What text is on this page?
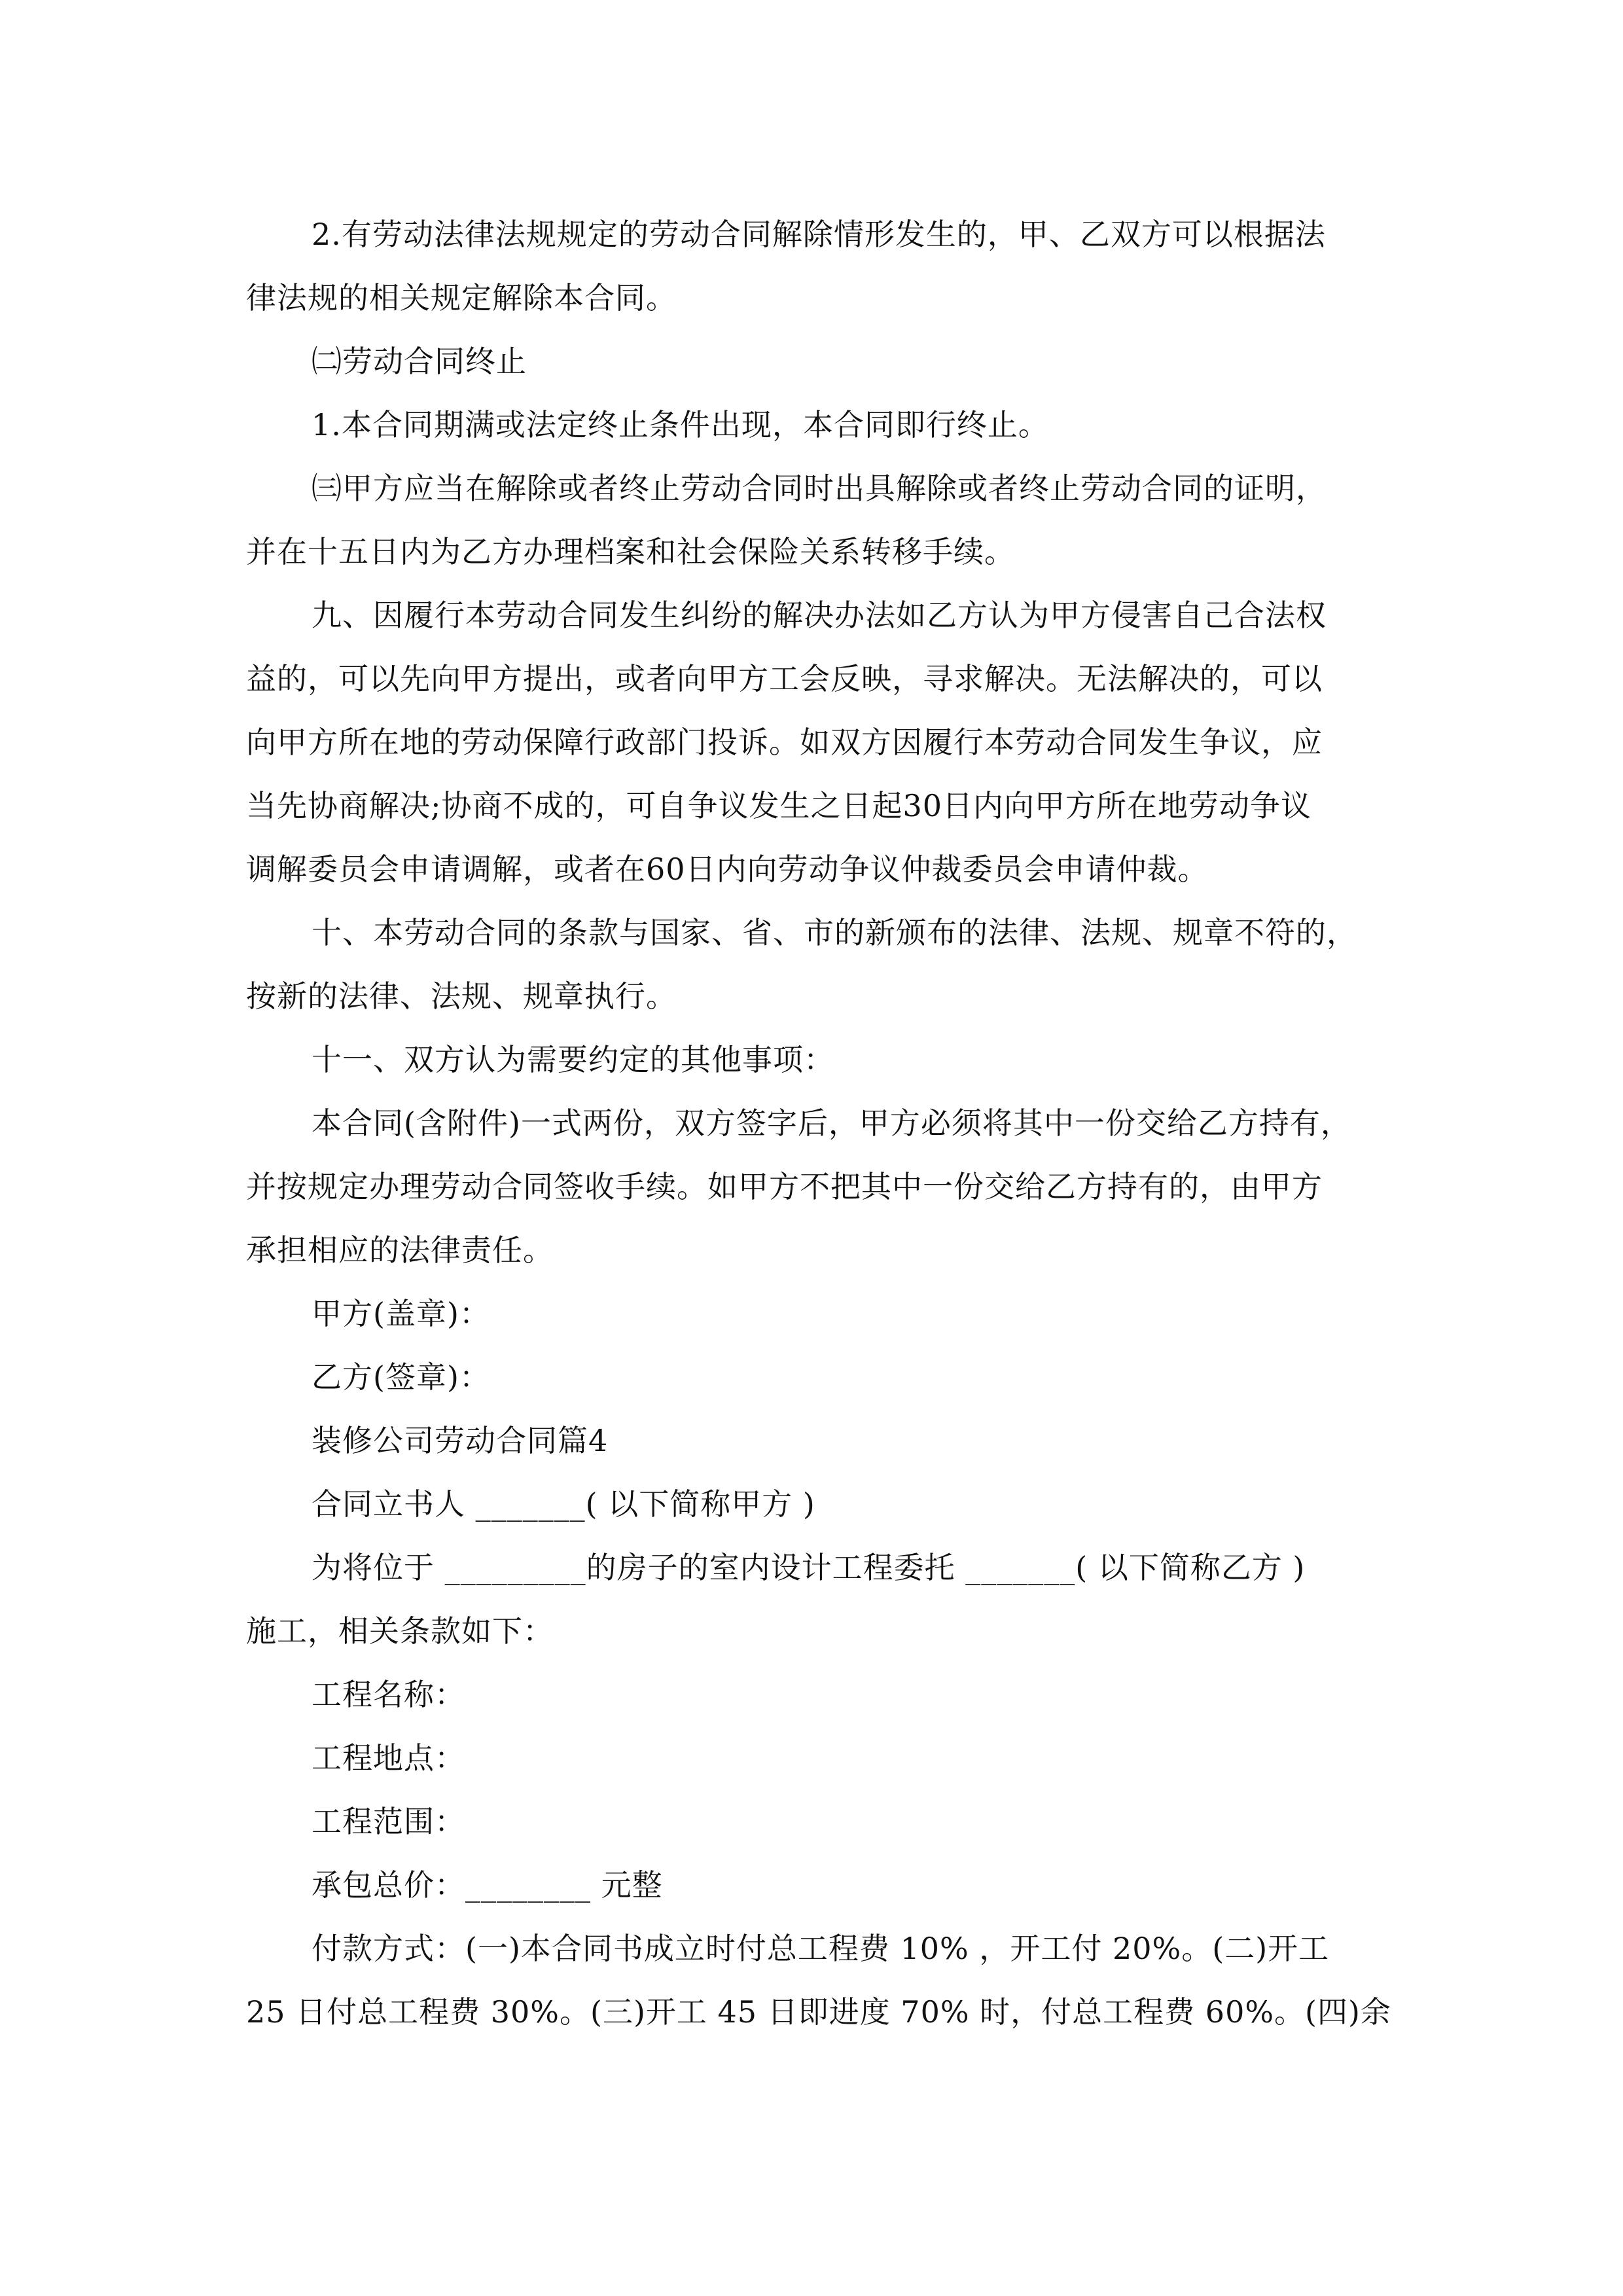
2.有劳动法律法规规定的劳动合同解除情形发生的，甲、乙双方可以根据法
律法规的相关规定解除本合同。
㈡劳动合同终止
1.本合同期满或法定终止条件出现，本合同即行终止。
㈢甲方应当在解除或者终止劳动合同时出具解除或者终止劳动合同的证明，
并在十五日内为乙方办理档案和社会保险关系转移手续。
九、因履行本劳动合同发生纠纷的解决办法如乙方认为甲方侵害自己合法权
益的，可以先向甲方提出，或者向甲方工会反映，寻求解决。无法解决的，可以
向甲方所在地的劳动保障行政部门投诉。如双方因履行本劳动合同发生争议，应
当先协商解决;协商不成的，可自争议发生之日起30日内向甲方所在地劳动争议
调解委员会申请调解，或者在60日内向劳动争议仲裁委员会申请仲裁。
十、本劳动合同的条款与国家、省、市的新颁布的法律、法规、规章不符的，
按新的法律、法规、规章执行。
十一、双方认为需要约定的其他事项：
本合同(含附件)一式两份，双方签字后，甲方必须将其中一份交给乙方持有，
并按规定办理劳动合同签收手续。如甲方不把其中一份交给乙方持有的，由甲方
承担相应的法律责任。
甲方(盖章)：
乙方(签章)：
装修公司劳动合同篇4
合同立书人 _______( 以下简称甲方 )
为将位于 _________的房子的室内设计工程委托 _______( 以下简称乙方 )
施工，相关条款如下：
工程名称：
工程地点：
工程范围：
承包总价：________ 元整
付款方式：(一)本合同书成立时付总工程费 10% ，开工付 20%。(二)开工
25 日付总工程费 30%。(三)开工 45 日即进度 70% 时，付总工程费 60%。(四)余
